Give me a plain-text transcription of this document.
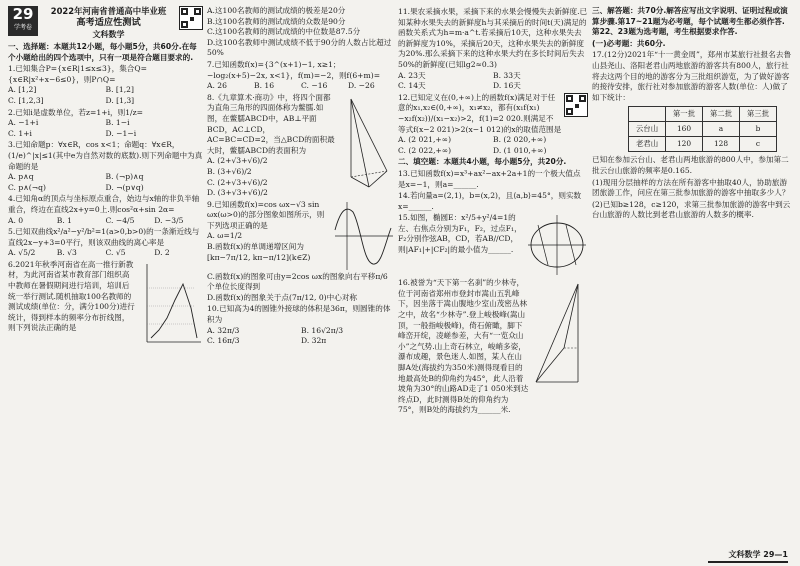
29
学考卷
2022年河南省普通高中毕业班
高考适应性测试
文科数学
一、选择题：本题共12小题，每小题5分，共60分.在每个小题给出的四个选项中，只有一项是符合题目要求的.
1.已知集合P={x∈R|1≤x≤3}，集合Q={x∈R|x²+x−6≤0}，则P∩Q=
A. [1,2]	B. [1,2]
C. [1,2,3]	D. [1,3]
2.已知i是虚数单位，若z=1+i，则1/z=
A. −1+i	B. 1−i
C. 1+i	D. −1−i
3.已知命题p：∀x∈R，cos x<1；命题q：∀x∈R，(1/e)^|x|≤1(其中e为自然对数的底数).则下列命题中为真命题的是
A. p∧q	B. (¬p)∧q
C. p∧(¬q)	D. ¬(p∨q)
4.已知角α的顶点与坐标原点重合，始边与x轴的非负半轴重合，终边在直线2x+y=0上.则cos²α+sin 2α=
A. 0	B. 1	C. −4/5	D. −3/5
5.已知双曲线x²/a²−y²/b²=1(a>0,b>0)的一条渐近线与直线2x−y+3=0平行，则该双曲线的离心率是
A. √5/2	B. √3	C. √5	D. 2
6.2021年秋季河南省在高一推行新教材，为此河南省某市教育部门组织高中教师在暑假期间进行培训，培训后统一举行测试.随机抽取100名教师的测试成绩(单位：分，满分100分)进行统计，得到样本的频率分布折线图，则下列说法正确的是
A.这100名教师的测试成绩的极差是20分
B.这100名教师的测试成绩的众数是90分
C.这100名教师的测试成绩的中位数是87.5分
D.这100名教师中测试成绩不低于90分的人数占比超过50%
7.已知函数f(x)={3^(x+1)−1, x≥1；−log₂(x+5)−2x, x<1}，f(m)=−2，则f(6+m)=
A. 26	B. 16	C. −16	D. −26
8.《九章算术·商功》中，将四个面都为直角三角形的四面体称为鳖臑.如图，在鳖臑ABCD中，AB⊥平面BCD，AC⊥CD，AC=BC=CD=2，当△BCD的面积最大时，鳖臑ABCD的表面积为
A. (2+√3+√6)/2
B. (3+√6)/2
C. (2+√3+√6)/2
D. (3+√3+√6)/2
9.已知函数f(x)=cos ωx−√3 sin ωx(ω>0)的部分图象如图所示，则下列选项正确的是
A. ω=1/2
B.函数f(x)的单调递增区间为[kπ−7π/12, kπ−π/12](k∈Z)
C.函数f(x)的图象可由y=2cos ωx的图象向右平移π/6个单位长度得到
D.函数f(x)的图象关于点(7π/12, 0)中心对称
10.已知高为4的圆锥外接球的体积是36π，则圆锥的体积为
A. 32π/3	B. 16√2π/3
C. 16π/3	D. 32π
11.果农采摘水果，采摘下来的水果会慢慢失去新鲜度.已知某种水果失去的新鲜度h与其采摘后的时间t(天)满足的函数关系式为h=m·a^t.若采摘后10天，这种水果失去的新鲜度为10%，采摘后20天，这种水果失去的新鲜度为20%.那么采摘下来的这种水果大约在多长时间后失去50%的新鲜度(已知lg2≈0.3)
A. 23天	B. 33天
C. 14天	D. 16天
12.已知定义在(0,+∞)上的函数f(x)满足对于任意的x₁,x₂∈(0,+∞)，x₁≠x₂，都有(x₁f(x₁)−x₂f(x₂))/(x₁−x₂)>2，f(1)=2 020.则满足不等式f(x−2 021)>2(x−1 012)的x的取值范围是
A. (2 021,+∞)	B. (2 020,+∞)
C. (2 022,+∞)	D. (1 010,+∞)
二、填空题：本题共4小题，每小题5分，共20分.
13.已知函数f(x)=x³+ax²−ax+2a+1的一个极大值点是x=−1，则a=______.
14.若向量a=(2,1)，b=(x,2)，且⟨a,b⟩=45°，则实数x=______.
15.如图，椭圆E：x²/5+y²/4=1的左、右焦点分别为F₁，F₂，过点F₁，F₂分别作弦AB，CD，若AB//CD，则|AF₁|+|CF₂|的最小值为______.
16.被誉为“天下第一名刹”的少林寺，位于河南省郑州市登封市嵩山五乳峰下，因坐落于嵩山腹地少室山茂密丛林之中，故名“少林寺”.登上峻极峰(嵩山顶，一般指峻极峰)，倚石俯瞰，脚下峰峦开绽，凌嵯参差，大有“一览众山小”之气势.山上奇石林立，峻峭多姿，瀑布成趣，景色迷人.如图，某人在山脚A处(海拔约为350米)测得现看目的地最高处B的仰角约为45°，此人沿着坡角为30°的山路AD走了1 050米到达终点D，此时测得B处的仰角约为75°，则B处的海拔约为______米.
三、解答题：共70分.解答应写出文字说明、证明过程或演算步骤.第17~21题为必考题，每个试题考生都必须作答.第22、23题为选考题，考生根据要求作答.
(一)必考题：共60分.
17.(12分)2021年“十一黄金周”，郑州市某旅行社报名去鲁山县尧山、洛阳老君山两地旅游的游客共有800人，旅行社将去这两个目的地的游客分为三批组织游览，为了做好游客的接待安排，旅行社对参加旅游的游客人数(单位：人)做了如下统计：
	第一批	第二批	第三批
云台山	160	a	b
老君山	120	128	c
已知在参加云台山、老君山两地旅游的800人中，参加第二批云台山旅游的频率是0.165.
(1)现用分层抽样的方法在所有游客中抽取40人，协助旅游团旅游工作，问应在第三批参加旅游的游客中抽取多少人？
(2)已知b≥128，c≥120，求第三批参加旅游的游客中到云台山旅游的人数比到老君山旅游的人数多的概率.
文科数学 29—1
